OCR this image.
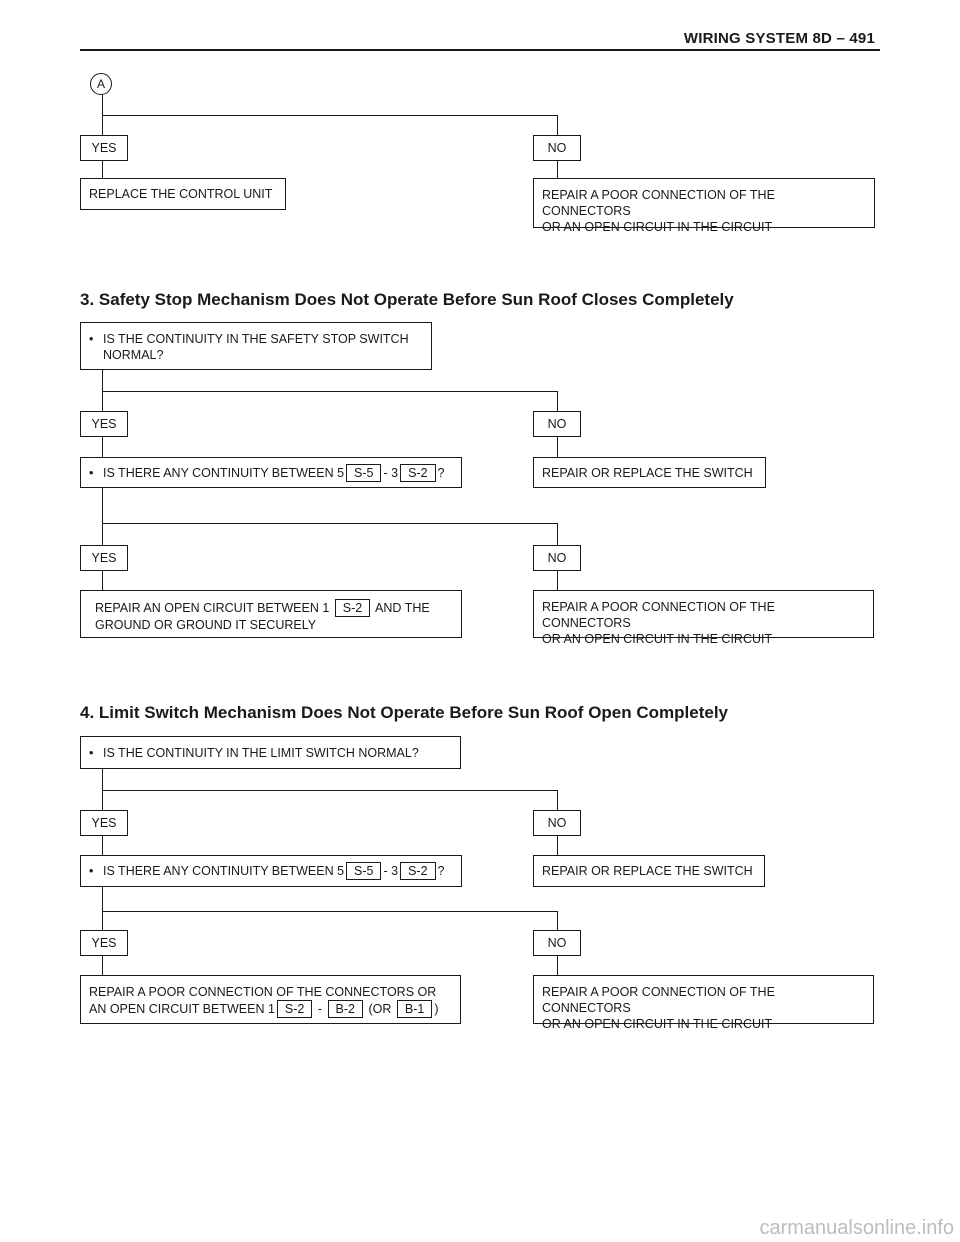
WIRING SYSTEM 8D – 491
A
YES	NO
REPLACE THE CONTROL UNIT	REPAIR A POOR CONNECTION OF THE CONNECTORS
OR AN OPEN CIRCUIT IN THE CIRCUIT
3. Safety Stop Mechanism Does Not Operate Before Sun Roof Closes Completely
• IS THE CONTINUITY IN THE SAFETY STOP SWITCH
NORMAL?
YES	NO
• IS THERE ANY CONTINUITY BETWEEN 5 S-5 - 3 S-2 ?	REPAIR OR REPLACE THE SWITCH
YES	NO
REPAIR AN OPEN CIRCUIT BETWEEN 1 S-2 AND THE
GROUND OR GROUND IT SECURELY
REPAIR A POOR CONNECTION OF THE CONNECTORS
OR AN OPEN CIRCUIT IN THE CIRCUIT
4. Limit Switch Mechanism Does Not Operate Before Sun Roof Open Completely
• IS THE CONTINUITY IN THE LIMIT SWITCH NORMAL?
YES	NO
• IS THERE ANY CONTINUITY BETWEEN 5 S-5 - 3 S-2 ?	REPAIR OR REPLACE THE SWITCH
YES	NO
REPAIR A POOR CONNECTION OF THE CONNECTORS OR
AN OPEN CIRCUIT BETWEEN 1 S-2 - B-2 (OR B-1 )
REPAIR A POOR CONNECTION OF THE CONNECTORS
OR AN OPEN CIRCUIT IN THE CIRCUIT
carmanualsonline.info
